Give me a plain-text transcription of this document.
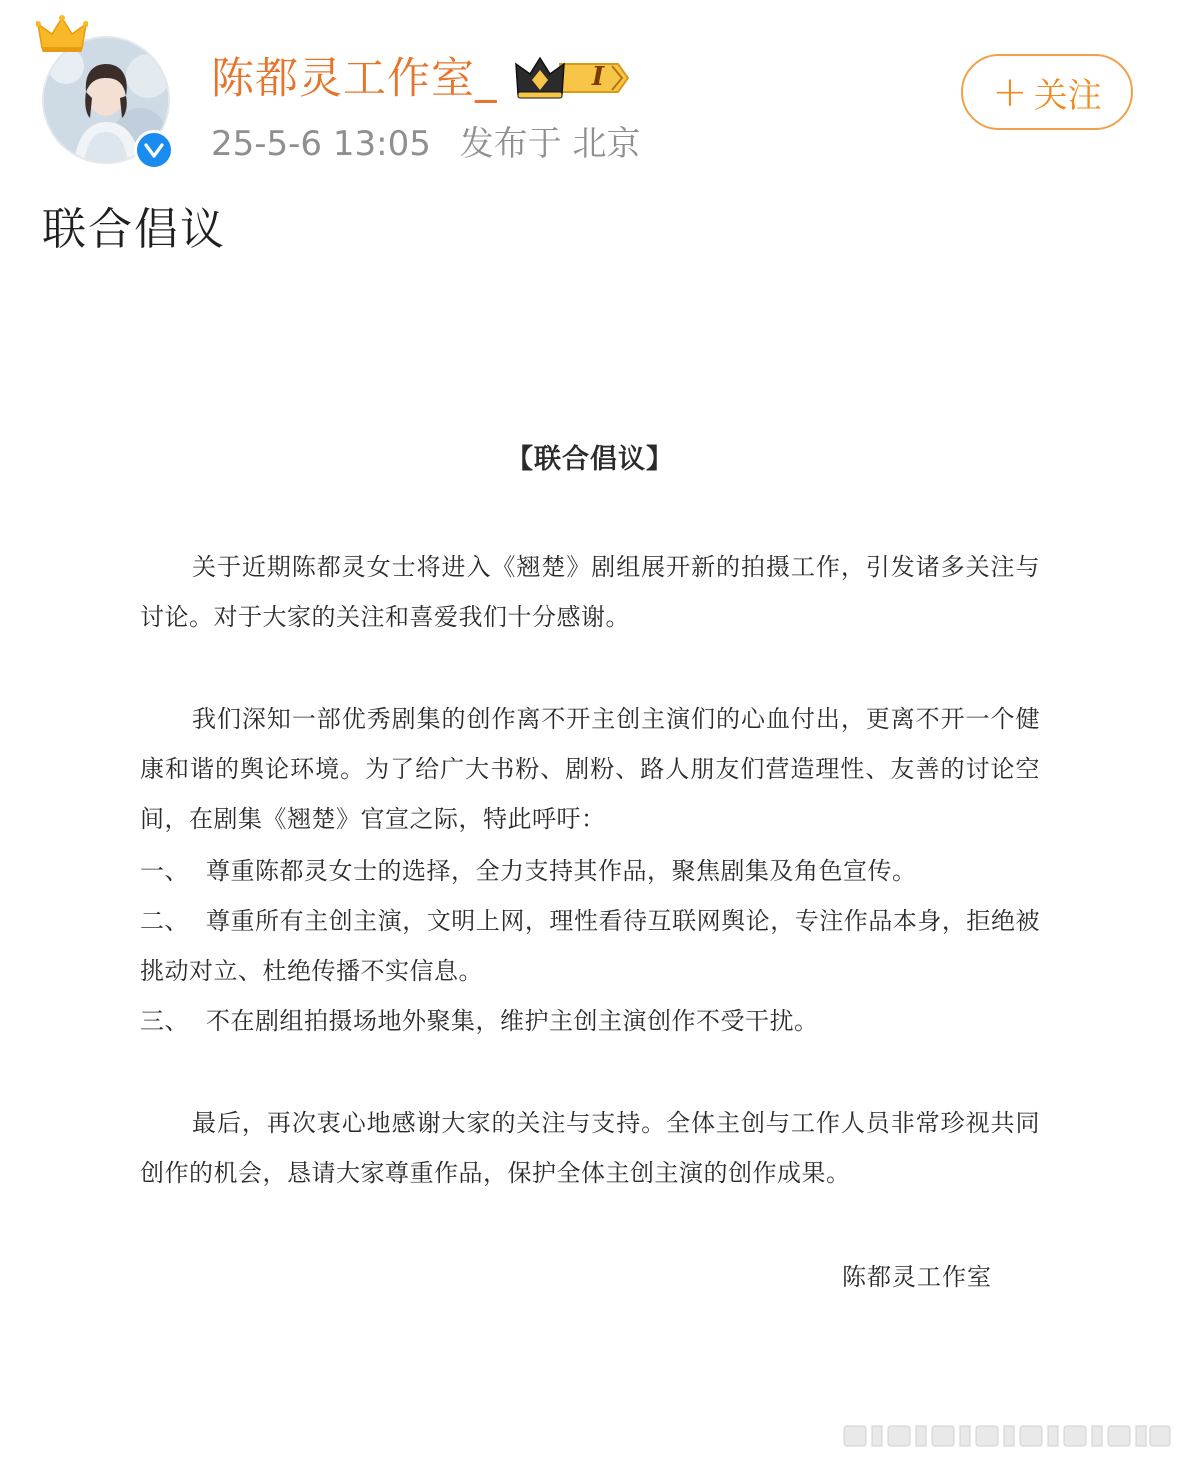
陈都灵工作室_	I
25-5-6 13:05 发布于 北京
+ 关注
联合倡议
【联合倡议】
关于近期陈都灵女士将进入《翘楚》剧组展开新的拍摄工作，引发诸多关注与讨论。对于大家的关注和喜爱我们十分感谢。
我们深知一部优秀剧集的创作离不开主创主演们的心血付出，更离不开一个健康和谐的舆论环境。为了给广大书粉、剧粉、路人朋友们营造理性、友善的讨论空间，在剧集《翘楚》官宣之际，特此呼吁：
一、 尊重陈都灵女士的选择，全力支持其作品，聚焦剧集及角色宣传。
二、 尊重所有主创主演，文明上网，理性看待互联网舆论，专注作品本身，拒绝被挑动对立、杜绝传播不实信息。
三、 不在剧组拍摄场地外聚集，维护主创主演创作不受干扰。
最后，再次衷心地感谢大家的关注与支持。全体主创与工作人员非常珍视共同创作的机会，恳请大家尊重作品，保护全体主创主演的创作成果。
陈都灵工作室
